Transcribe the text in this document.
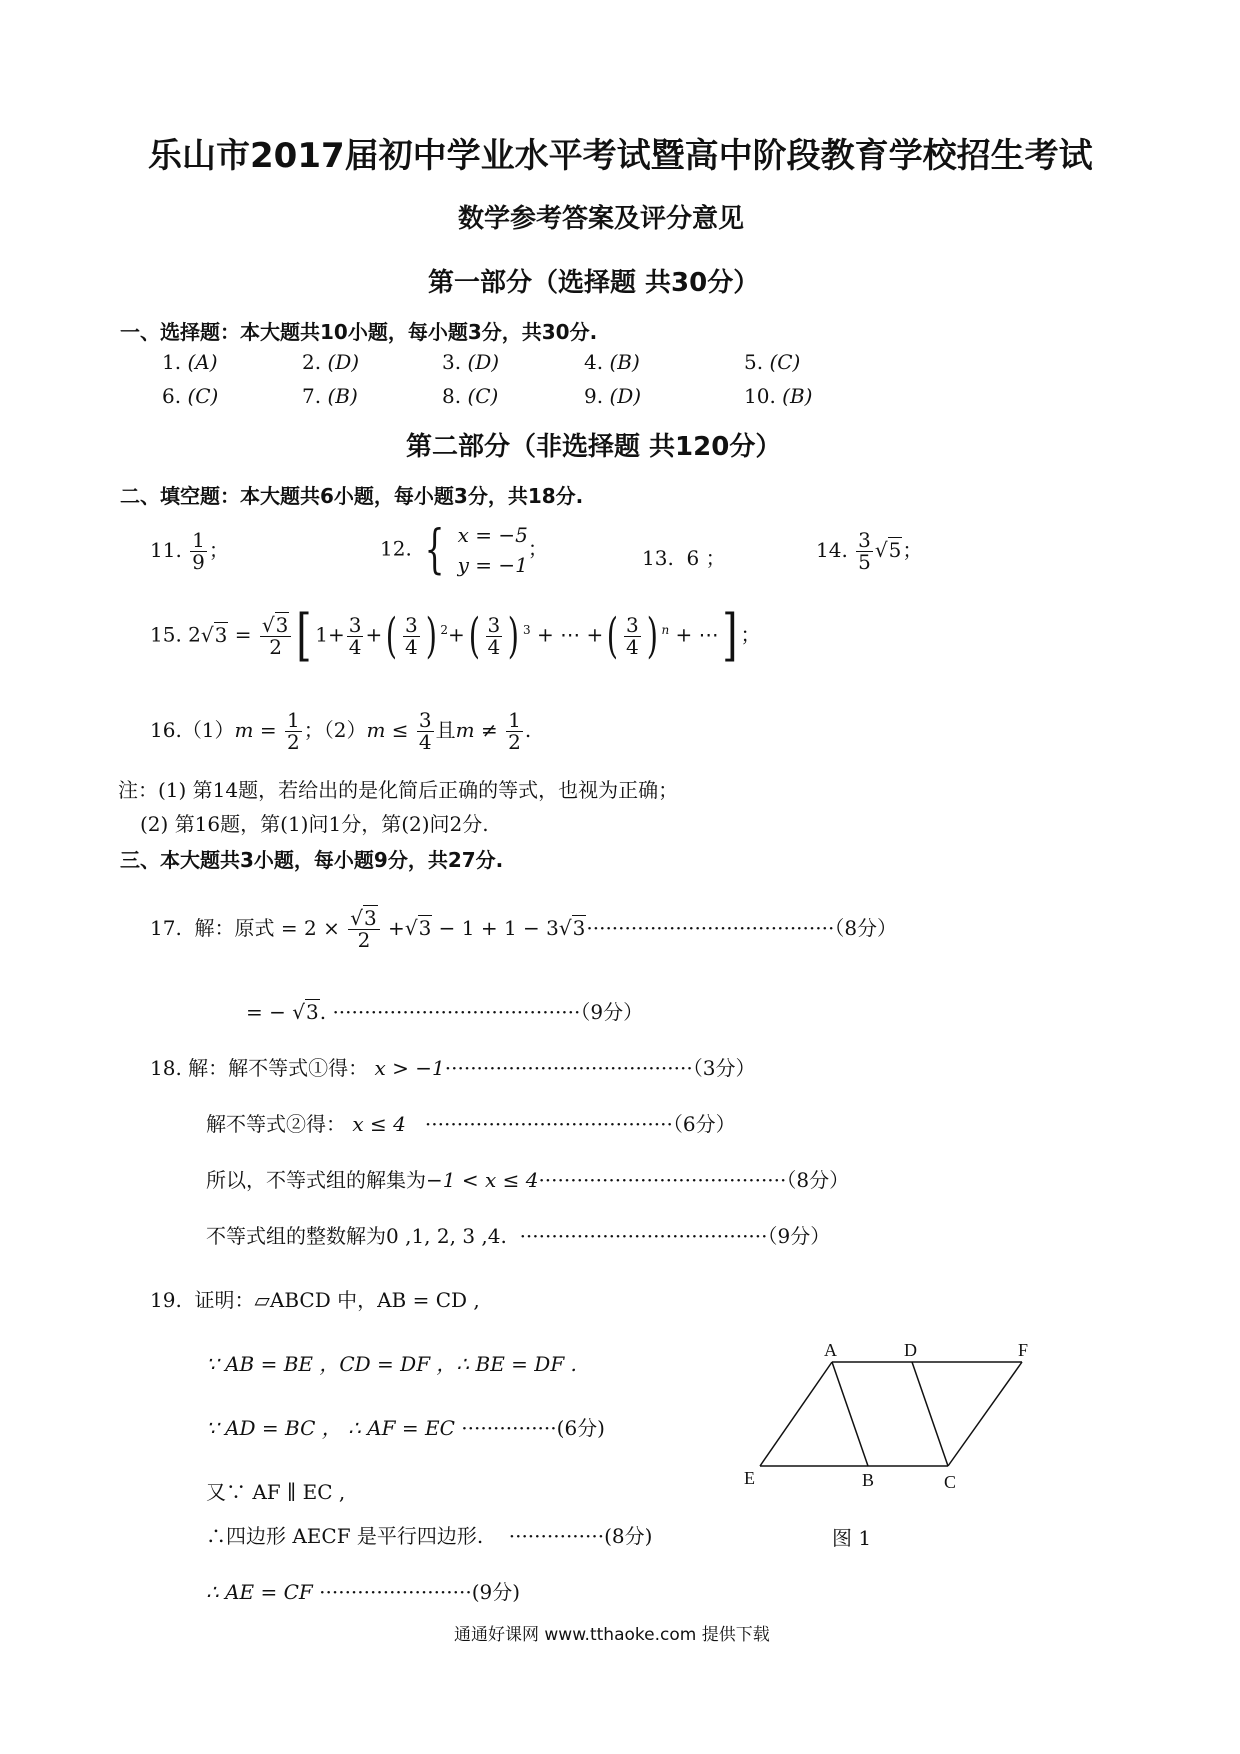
乐山市2017届初中学业水平考试暨高中阶段教育学校招生考试
数学参考答案及评分意见
第一部分（选择题 共30分）
一、选择题：本大题共10小题，每小题3分，共30分.
1. (A)	2. (D)	3. (D)	4. (B)	5. (C)
6. (C)	7. (B)	8. (C)	9. (D)	10. (B)
第二部分（非选择题 共120分）
二、填空题：本大题共6小题，每小题3分，共18分.
11. $\frac{1}{9}$ ；	12. { x = −5
y = −1
；	13. 6 ；	14. $\frac{3}{5} √5$；
15. $2√3 = \frac{√3}{2}$ [ $1+ \frac{3}{4}$ +( $\frac{3}{4}$ ) $^2+( \frac{3}{4}$ ) $^3$ + ⋯ +( $\frac{3}{4}$ ) $^n$ + ⋯] ；
$16.(1)m = \frac{1}{2}$ ；$(2)m \le \frac{3}{4}$ 且$m \ne \frac{1}{2}$ .
注：(1) 第14题，若给出的是化简后正确的等式，也视为正确；
(2) 第16题，第(1)问1分，第(2)问2分.
三、本大题共3小题，每小题9分，共27分.
17. 解：原式 = $2 \times \frac{√3}{2} +√3 - 1 + 1 - 3√3\cdot\cdot\cdot\cdot\cdot\cdot\cdot\cdot\cdot\cdot\cdot\cdot\cdot\cdot\cdot\cdot\cdot\cdot\cdot\cdot\cdot\cdot\cdot\cdot\cdot\cdot\cdot\cdot\cdot\cdot\cdot\cdot\cdot\cdot\cdot\cdot\cdot\cdot\cdot(8$分）
= − √3. ·······································（9分）
18. 解：解不等式①得： x > −1·······································（3分）
解不等式②得： x ≤ 4 ·······································（6分）
所以，不等式组的解集为−1 < x ≤ 4·······································（8分）
不等式组的整数解为0 ,1, 2, 3 ,4. ·······································（9分）
19. 证明：▱ABCD 中，AB = CD ,
∵ AB = BE ，CD = DF ，∴ BE = DF .
∵ AD = BC ， ∴ AF = EC ···············(6分)
又∵ AF ∥ EC ,
∴四边形 AECF 是平行四边形. ···············(8分)
∴ AE = CF ························(9分)
A	D	F
E	B	C
图 1
通通好课网 www.tthaoke.com 提供下载
